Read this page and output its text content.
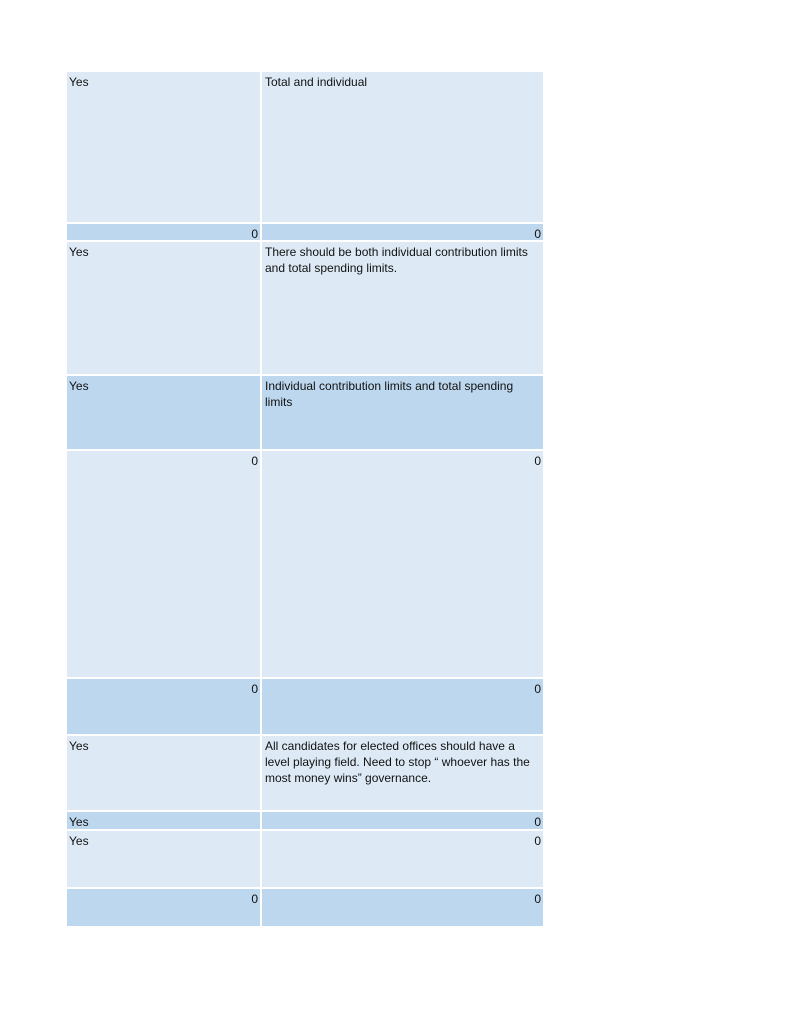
Yes	Total and individual
0	0
Yes	There should be both individual contribution limits and total spending limits.
Yes	Individual contribution limits and total spending limits
0	0
0	0
Yes	All candidates for elected offices should have a level playing field. Need to stop “ whoever has the most money wins” governance.
Yes	0
Yes	0
0	0
